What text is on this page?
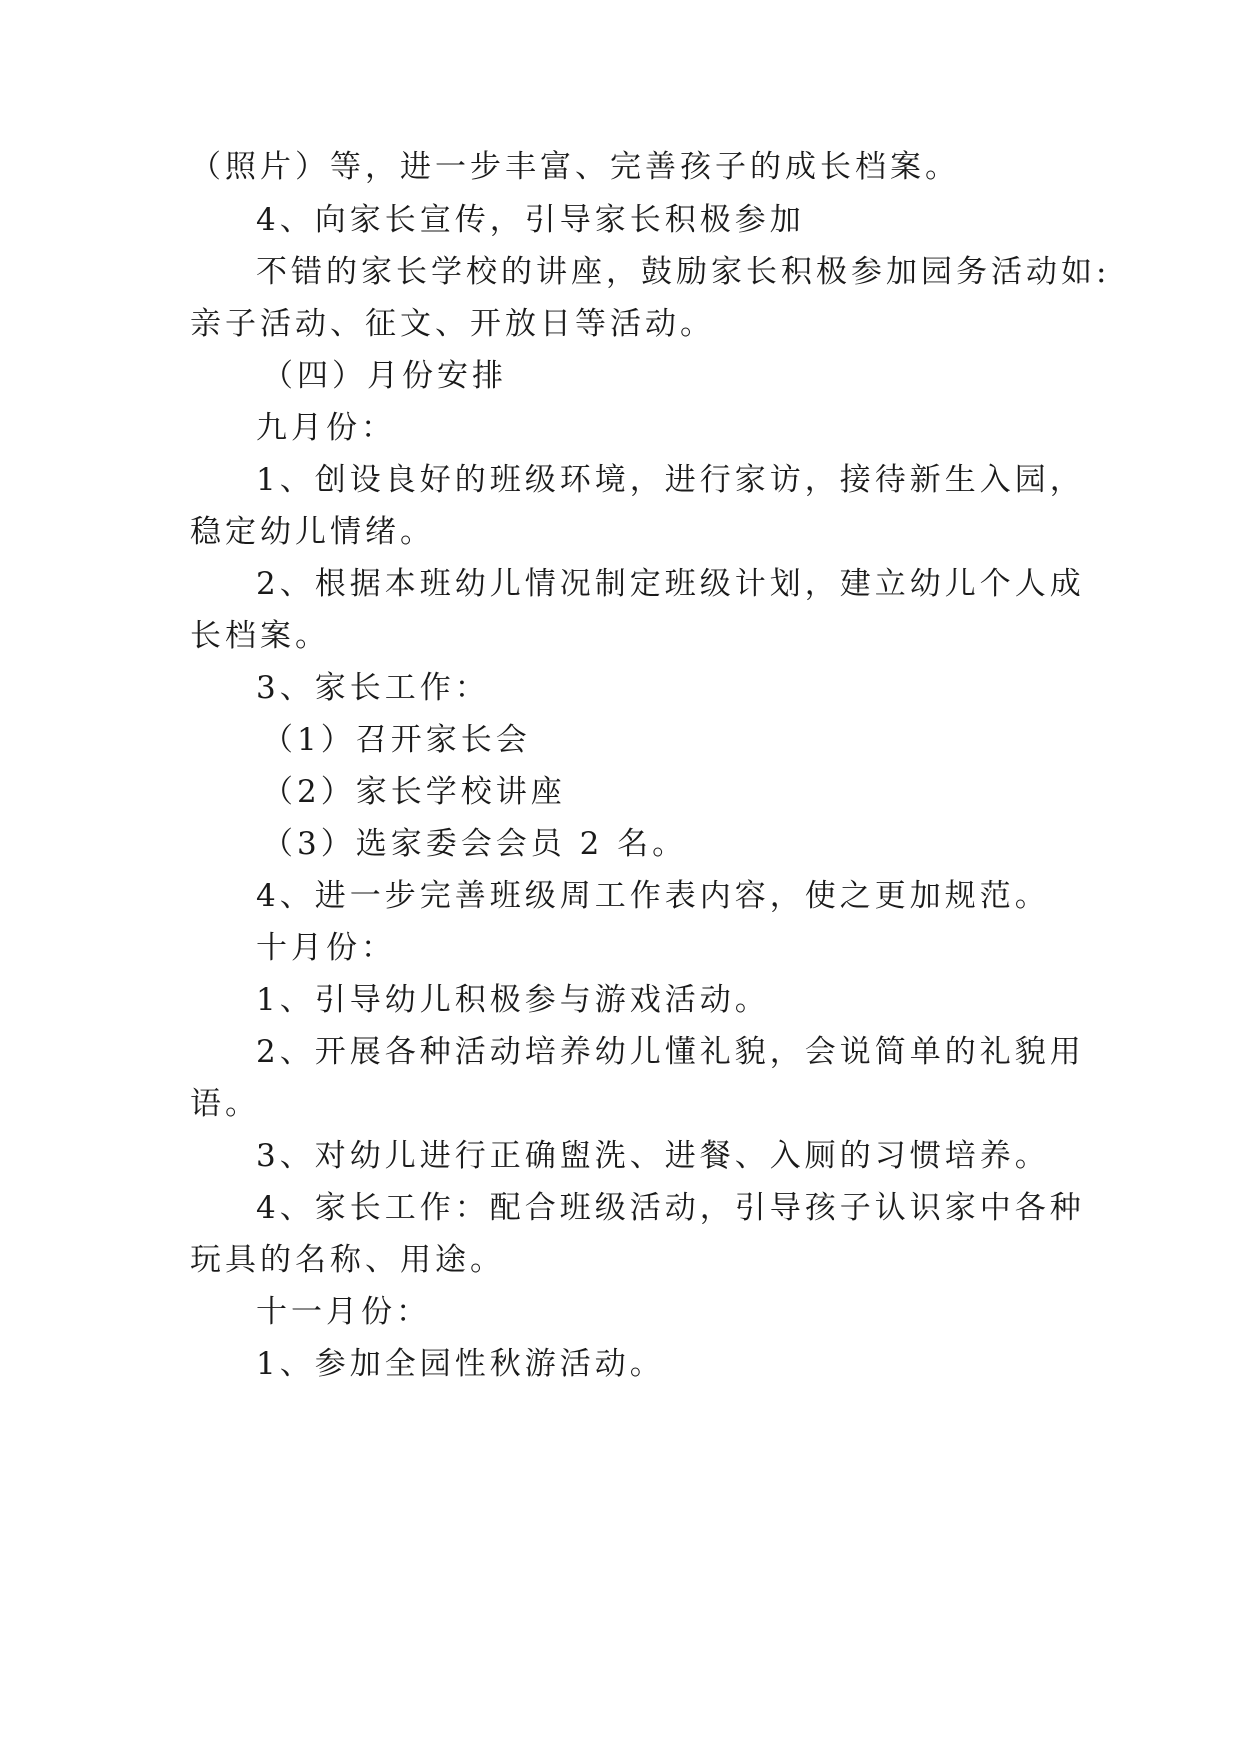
（照片）等，进一步丰富、完善孩子的成长档案。
4、向家长宣传，引导家长积极参加
不错的家长学校的讲座，鼓励家长积极参加园务活动如:
亲子活动、征文、开放日等活动。
（四）月份安排
九月份：
1、创设良好的班级环境，进行家访，接待新生入园，
稳定幼儿情绪。
2、根据本班幼儿情况制定班级计划，建立幼儿个人成
长档案。
3、家长工作：
（1）召开家长会
（2）家长学校讲座
（3）选家委会会员 2 名。
4、进一步完善班级周工作表内容，使之更加规范。
十月份：
1、引导幼儿积极参与游戏活动。
2、开展各种活动培养幼儿懂礼貌，会说简单的礼貌用
语。
3、对幼儿进行正确盥洗、进餐、入厕的习惯培养。
4、家长工作：配合班级活动，引导孩子认识家中各种
玩具的名称、用途。
十一月份：
1、参加全园性秋游活动。
